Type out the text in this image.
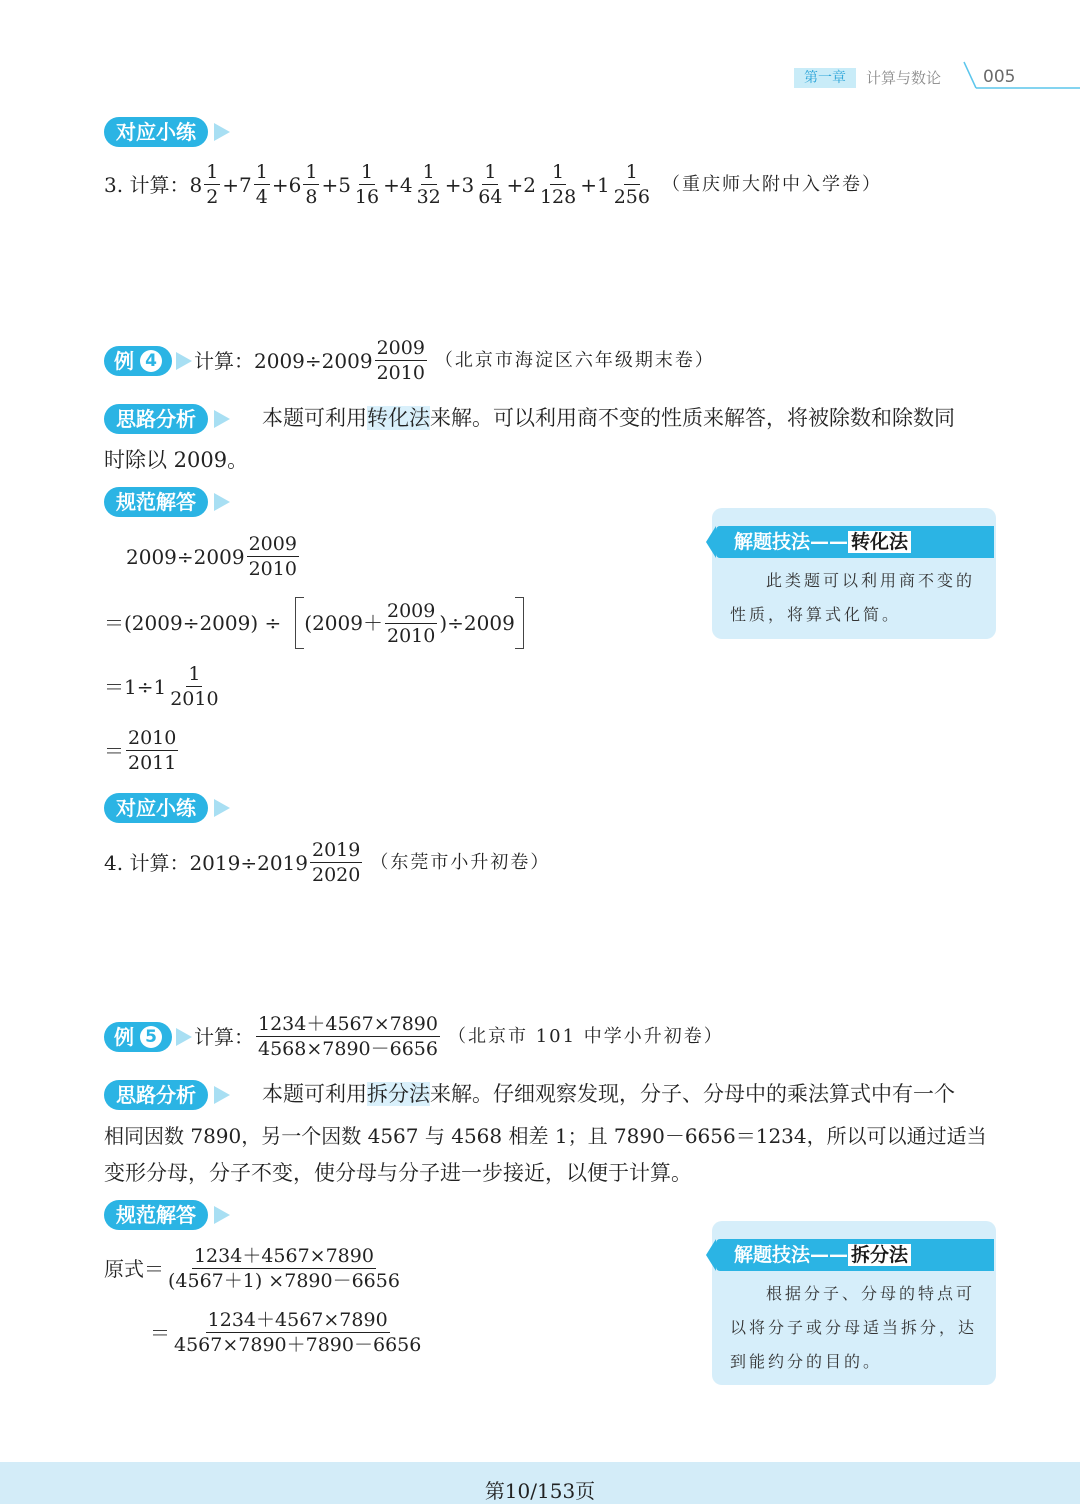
第一章	计算与数论 005
对应小练
3. 计算： $8 \frac{1}{2} +7 \frac{1}{4} +6 \frac{1}{8} +5 \frac{1}{16} +4 \frac{1}{32} +3 \frac{1}{64} +2 \frac{1}{128} +1 \frac{1}{256}$ （重庆师大附中入学卷）
例 4 计算：$2009\div 2009 \frac{2009}{2010}$ （北京市海淀区六年级期末卷）
思路分析	本题可利用转化法来解。可以利用商不变的性质来解答，将被除数和除数同
时除以 2009。
规范解答
$2009\div 2009 \frac{2009}{2010}$
$=(2009\div 2009) \div (2009+ \frac{2009}{2010} )\div 2009$
$=1\div 1 \frac{1}{2010}$
＝ $\frac{2010}{2011}$
解题技法—— 转化法
此类题可以利用商不变的
性质，将算式化简。
对应小练
4. 计算：$2019\div 2019 \frac{2019}{2020}$ （东莞市小升初卷）
例 5 计算： $\frac{1234+4567\times 7890}{4568\times 7890-6656}$ （北京市 101 中学小升初卷）
思路分析	本题可利用拆分法来解。仔细观察发现，分子、分母中的乘法算式中有一个
相同因数 7890，另一个因数 4567 与 4568 相差 1；且 7890－6656＝1234，所以可以通过适当
变形分母，分子不变，使分母与分子进一步接近，以便于计算。
规范解答
原式＝ $\frac{1234+4567\times 7890}{(4567+1) \times 7890-6656}$
＝ $\frac{1234+4567\times 7890}{4567\times 7890+7890-6656}$
解题技法—— 拆分法
根据分子、分母的特点可
以将分子或分母适当拆分，达
到能约分的目的。
第10/153页
